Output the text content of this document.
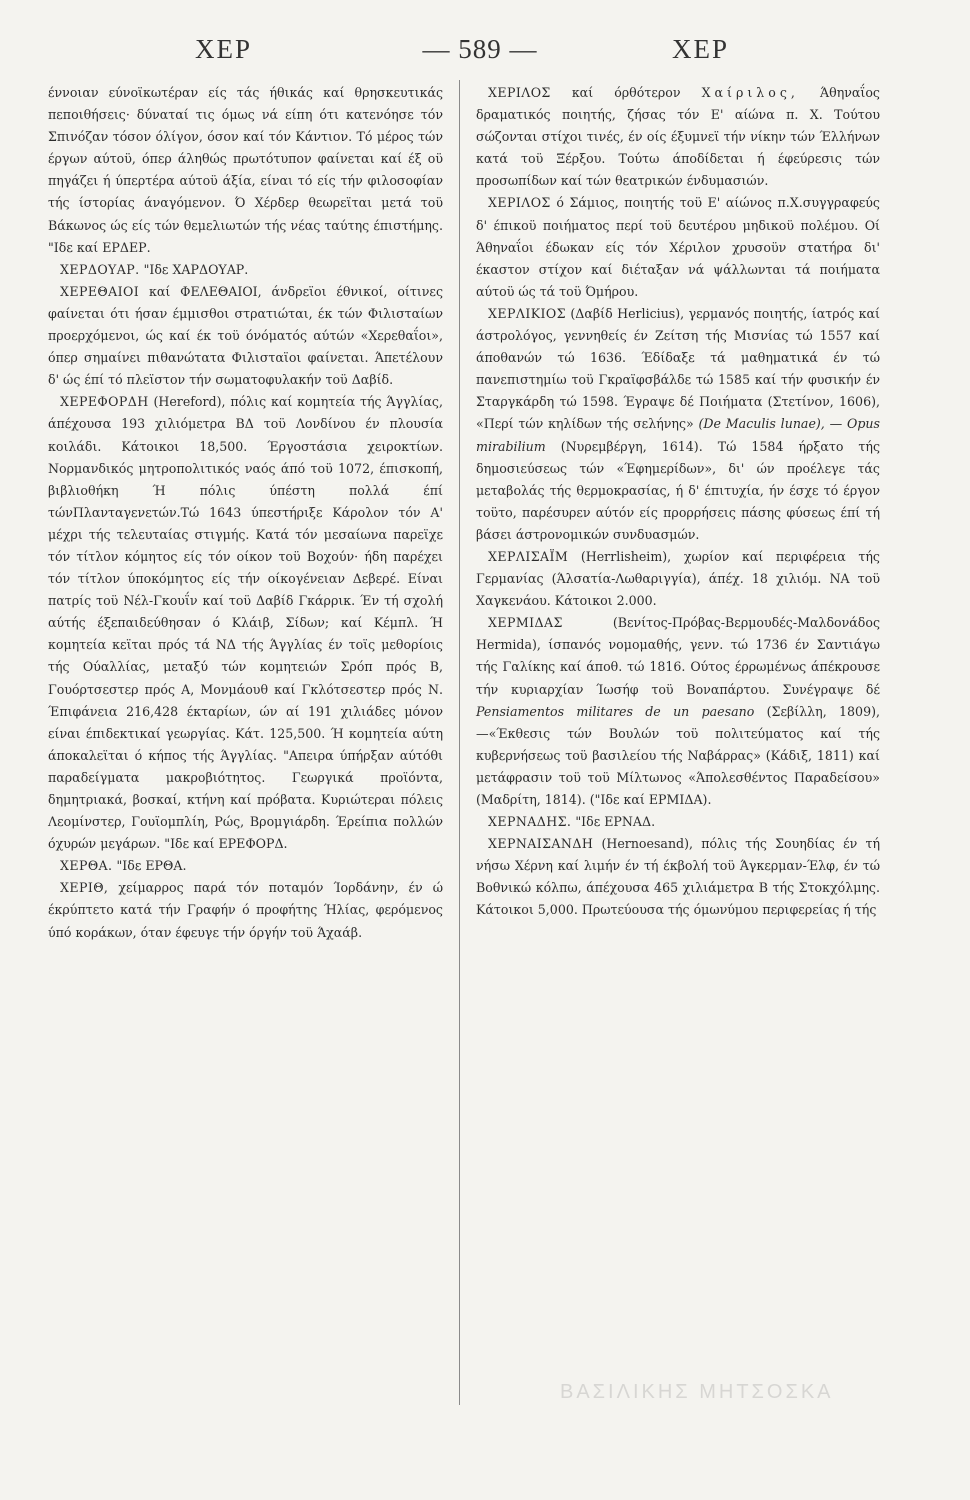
ΧΕΡ	— 589 —	ΧΕΡ

έννοιαν εύνοϊκωτέραν είς τάς ήθικάς καί θρησκευτικάς πεποιθήσεις· δύναταί τις όμως νά είπη ότι κατενόησε τόν Σπινόζαν τόσον όλίγον, όσον καί τόν Κάντιον. Τό μέρος τών έργων αύτοϋ, όπερ άληθώς πρωτότυπον φαίνεται καί έξ οϋ πηγάζει ή ύπερτέρα αύτοϋ άξία, είναι τό είς τήν φιλοσοφίαν τής ίστορίας άναγόμενον. Ό Χέρδερ θεωρεϊται μετά τοϋ Βάκωνος ώς είς τών θεμελιωτών τής νέας ταύτης έπιστήμης. "Ιδε καί ΕΡΔΕΡ.

ΧΕΡΔΟΥΑΡ. "Ιδε ΧΑΡΔΟΥΑΡ.

ΧΕΡΕΘΑΙΟΙ καί ΦΕΛΕΘΑΙΟΙ, άνδρεϊοι έθνικοί, οίτινες φαίνεται ότι ήσαν έμμισθοι στρατιώται, έκ τών Φιλισταίων προερχόμενοι, ώς καί έκ τοϋ όνόματός αύτών «Χερεθαΐοι», όπερ σημαίνει πιθανώτατα Φιλισταϊοι φαίνεται. Άπετέλουν δ' ώς έπί τό πλεϊστον τήν σωματοφυλακήν τοϋ Δαβίδ.

ΧΕΡΕΦΟΡΔΗ (Hereford), πόλις καί κομητεία τής Άγγλίας, άπέχουσα 193 χιλιόμετρα ΒΔ τοϋ Λονδίνου έν πλουσία κοιλάδι. Κάτοικοι 18,500. Έργοστάσια χειροκτίων. Νορμανδικός μητροπολιτικός ναός άπό τοϋ 1072, έπισκοπή, βιβλιοθήκη Ή πόλις ύπέστη πολλά έπί τώνΠλανταγενετών.Τώ 1643 ύπεστήριξε Κάρολον τόν Α' μέχρι τής τελευταίας στιγμής. Κατά τόν μεσαίωνα παρεϊχε τόν τίτλον κόμητος είς τόν οίκον τοϋ Βοχούν· ήδη παρέχει τόν τίτλον ύποκόμητος είς τήν οίκογένειαν Δεβερέ. Είναι πατρίς τοϋ Νέλ-Γκουΐν καί τοϋ Δαβίδ Γκάρρικ. Έν τή σχολή αύτής έξεπαιδεύθησαν ό Κλάιβ, Σίδων; καί Κέμπλ. Ή κομητεία κεϊται πρός τά ΝΔ τής Άγγλίας έν τοϊς μεθορίοις τής Ούαλλίας, μεταξύ τών κομητειών Σρόπ πρός Β, Γουόρτσεστερ πρός Α, Μονμάουθ καί Γκλότσεστερ πρός Ν. Έπιφάνεια 216,428 έκταρίων, ών αί 191 χιλιάδες μόνον είναι έπιδεκτικαί γεωργίας. Κάτ. 125,500. Ή κομητεία αύτη άποκαλεϊται ό κήπος τής Άγγλίας. "Απειρα ύπήρξαν αύτόθι παραδείγματα μακροβιότητος. Γεωργικά προϊόντα, δημητριακά, βοσκαί, κτήνη καί πρόβατα. Κυριώτεραι πόλεις Λεομίνστερ, Γουϊομπλίη, Ρώς, Βρομγιάρδη. Έρείπια πολλών όχυρών μεγάρων. "Ιδε καί ΕΡΕΦΟΡΔ.

ΧΕΡΘΑ. "Ιδε ΕΡΘΑ.

ΧΕΡΙΘ, χείμαρρος παρά τόν ποταμόν Ίορδάνην, έν ώ έκρύπτετο κατά τήν Γραφήν ό προφήτης Ήλίας, φερόμενος ύπό κοράκων, όταν έφευγε τήν όργήν τοϋ Άχαάβ.

ΧΕΡΙΛΟΣ καί όρθότερον Χαίριλος, Άθηναΐος δραματικός ποιητής, ζήσας τόν Ε' αίώνα π. Χ. Τούτου σώζονται στίχοι τινές, έν οίς έξυμνεϊ τήν νίκην τών Έλλήνων κατά τοϋ Ξέρξου. Τούτω άποδίδεται ή έφεύρεσις τών προσωπίδων καί τών θεατρικών ένδυμασιών.

ΧΕΡΙΛΟΣ ό Σάμιος, ποιητής τοϋ Ε' αίώνος π.Χ.συγγραφεύς δ' έπικοϋ ποιήματος περί τοϋ δευτέρου μηδικοϋ πολέμου. Οί Άθηναΐοι έδωκαν είς τόν Χέριλον χρυσοϋν στατήρα δι' έκαστον στίχον καί διέταξαν νά ψάλλωνται τά ποιήματα αύτοϋ ώς τά τοϋ Όμήρου.

ΧΕΡΛΙΚΙΟΣ (Δαβίδ Herlicius), γερμανός ποιητής, ίατρός καί άστρολόγος, γεννηθείς έν Ζείτση τής Μισνίας τώ 1557 καί άποθανών τώ 1636. Έδίδαξε τά μαθηματικά έν τώ πανεπιστημίω τοϋ Γκραϊφσβάλδε τώ 1585 καί τήν φυσικήν έν Σταργκάρδη τώ 1598. Έγραψε δέ Ποιήματα (Στετίνον, 1606), «Περί τών κηλίδων τής σελήνης» (De Maculis lunae), — Opus mirabilium (Νυρεμβέργη, 1614). Τώ 1584 ήρξατο τής δημοσιεύσεως τών «Έφημερίδων», δι' ών προέλεγε τάς μεταβολάς τής θερμοκρασίας, ή δ' έπιτυχία, ήν έσχε τό έργον τοϋτο, παρέσυρεν αύτόν είς προρρήσεις πάσης φύσεως έπί τή βάσει άστρονομικών συνδυασμών.

ΧΕΡΛΙΣΑΪΜ (Herrlisheim), χωρίον καί περιφέρεια τής Γερμανίας (Άλσατία-Λωθαριγγία), άπέχ. 18 χιλιόμ. ΝΑ τοϋ Χαγκενάου. Κάτοικοι 2.000.

ΧΕΡΜΙΔΑΣ	(Βενίτος-Πρόβας-Βερμουδές-Μαλδονάδος Hermida), ίσπανός νομομαθής, γενν. τώ 1736 έν Σαντιάγω τής Γαλίκης καί άποθ. τώ 1816. Ούτος έρρωμένως άπέκρουσε τήν κυριαρχίαν Ίωσήφ τοϋ Βοναπάρτου. Συνέγραψε δέ Pensiamentos militares de un paesano (Σεβίλλη, 1809),—«Έκθεσις τών Βουλών τοϋ πολιτεύματος καί τής κυβερνήσεως τοϋ βασιλείου τής Ναβάρρας» (Κάδιξ, 1811) καί μετάφρασιν τοϋ τοϋ Μίλτωνος «Άπολεσθέντος Παραδείσου» (Μαδρίτη, 1814). ("Ιδε καί ΕΡΜΙΔΑ).

ΧΕΡΝΑΔΗΣ. "Ιδε ΕΡΝΑΔ.

ΧΕΡΝΑΙΣΑΝΔΗ (Hernoesand), πόλις τής Σουηδίας έν τή νήσω Χέρνη καί λιμήν έν τή έκβολή τοϋ Άγκερμαν-Έλφ, έν τώ Βοθνικώ κόλπω, άπέχουσα 465 χιλιάμετρα Β τής Στοκχόλμης. Κάτοικοι 5,000. Πρωτεύουσα τής όμωνύμου περιφερείας ή τής

ΒΑΣΙΛΙΚΗΣ ΜΗΤΣΟΣΚΑ
